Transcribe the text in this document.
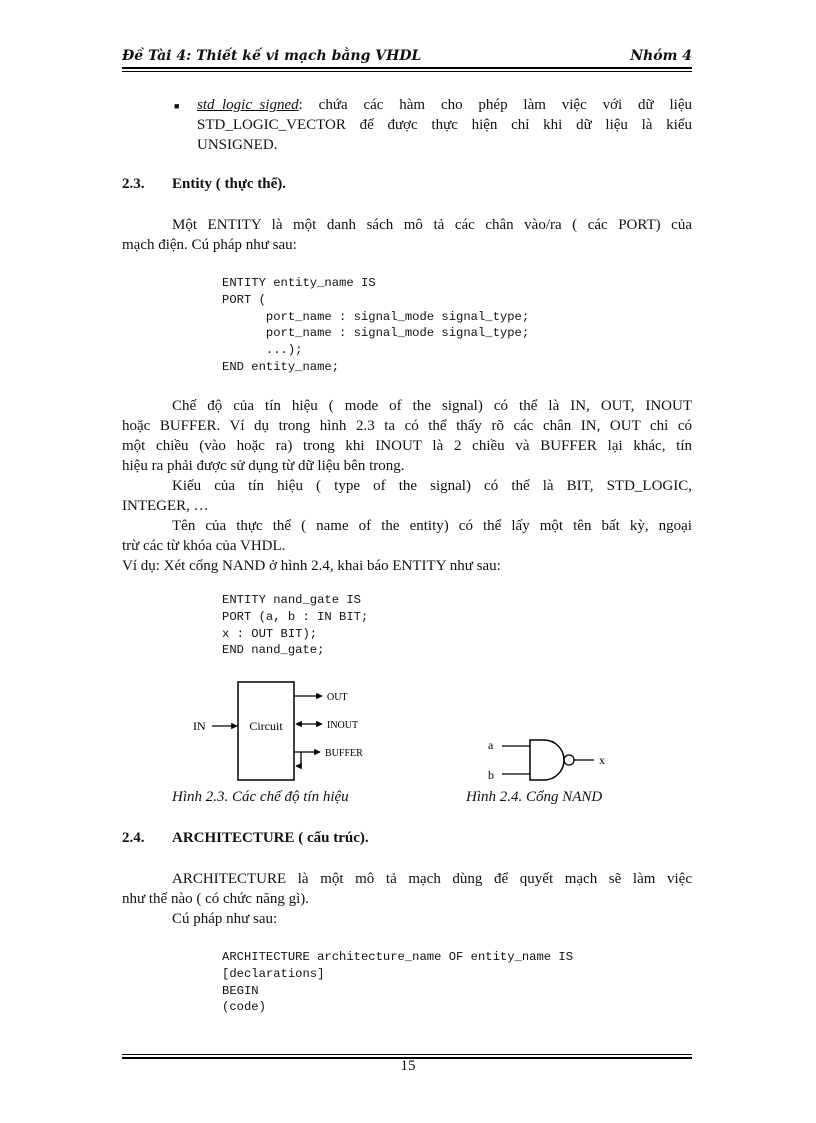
Đề Tài 4: Thiết kế vi mạch bằng VHDL	Nhóm 4
■ std_logic_signed: chứa các hàm cho phép làm việc với dữ liệu
STD_LOGIC_VECTOR để được thực hiện chỉ khi dữ liệu là kiểu
UNSIGNED.
2.3. Entity ( thực thể).
Một ENTITY là một danh sách mô tả các chân vào/ra ( các PORT) của
mạch điện. Cú pháp như sau:
ENTITY entity_name IS
PORT (
port_name : signal_mode signal_type;
port_name : signal_mode signal_type;
...);
END entity_name;
Chế độ của tín hiệu ( mode of the signal) có thể là IN, OUT, INOUT
hoặc BUFFER. Ví dụ trong hình 2.3 ta có thể thấy rõ các chân IN, OUT chỉ có
một chiều (vào hoặc ra) trong khi INOUT là 2 chiều và BUFFER lại khác, tín
hiệu ra phải được sử dụng từ dữ liệu bên trong.
Kiểu của tín hiệu ( type of the signal) có thể là BIT, STD_LOGIC,
INTEGER, …
Tên của thực thể ( name of the entity) có thể lấy một tên bất kỳ, ngoại
trừ các từ khóa của VHDL.
Ví dụ: Xét cổng NAND ở hình 2.4, khai báo ENTITY như sau:
ENTITY nand_gate IS
PORT (a, b : IN BIT;
x : OUT BIT);
END nand_gate;
Circuit
IN
OUT
INOUT
BUFFER
Hình 2.3. Các chế độ tín hiệu
a
b
x
Hình 2.4. Cổng NAND
2.4. ARCHITECTURE ( cấu trúc).
ARCHITECTURE là một mô tả mạch dùng để quyết mạch sẽ làm việc
như thế nào ( có chức năng gì).
Cú pháp như sau:
ARCHITECTURE architecture_name OF entity_name IS
[declarations]
BEGIN
(code)
15
